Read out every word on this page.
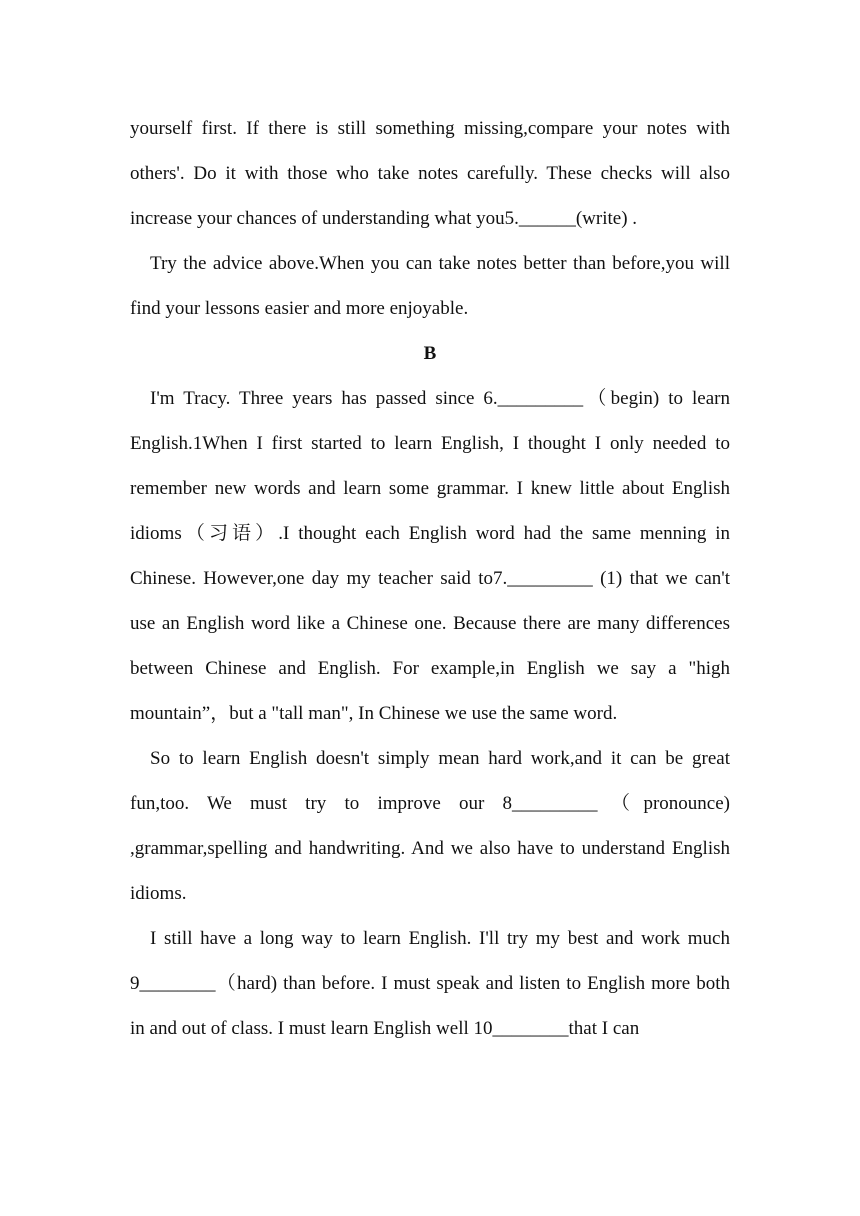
yourself first. If there is still something missing,compare your notes with others'. Do it with those who take notes carefully. These checks will also increase your chances of understanding what you5.______(write) .

Try the advice above.When you can take notes better than before,you will find your lessons easier and more enjoyable.

B

I'm Tracy. Three years has passed since 6._________（begin) to learn English.1When I first started to learn English, I thought I only needed to remember new words and learn some grammar. I knew little about English idioms（习语）.I thought each English word had the same menning in Chinese. However,one day my teacher said to7._________ (1) that we can't use an English word like a Chinese one. Because there are many differences between Chinese and English. For example,in English we say a "high mountain”，but a "tall man", In Chinese we use the same word.

So to learn English doesn't simply mean hard work,and it can be great fun,too. We must try to improve our 8_________（pronounce) ,grammar,spelling and handwriting. And we also have to understand English idioms.

I still have a long way to learn English. I'll try my best and work much 9________（hard) than before. I must speak and listen to English more both in and out of class. I must learn English well 10________that I can
